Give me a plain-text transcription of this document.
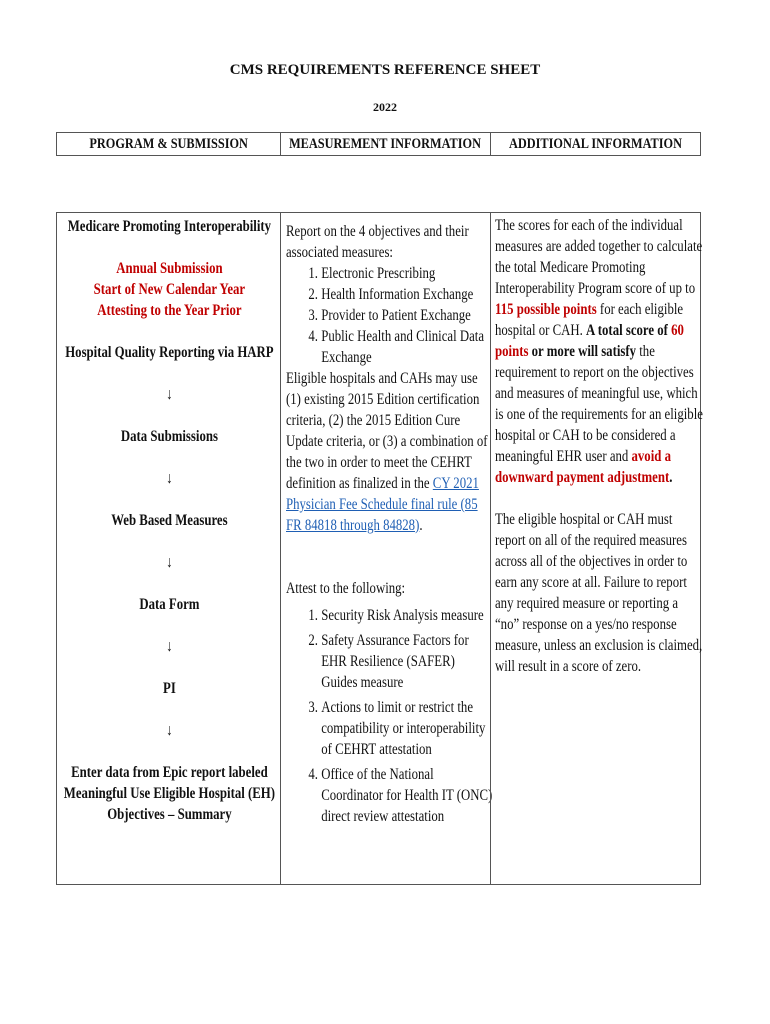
CMS REQUIREMENTS REFERENCE SHEET
2022
PROGRAM & SUBMISSION	MEASUREMENT INFORMATION ADDITIONAL INFORMATION
Medicare Promoting Interoperability
Annual Submission
Start of New Calendar Year
Attesting to the Year Prior
Hospital Quality Reporting via HARP
↓
Data Submissions
↓
Web Based Measures
↓
Data Form
↓
PI
↓
Enter data from Epic report labeled
Meaningful Use Eligible Hospital (EH)
Objectives – Summary

Report on the 4 objectives and their associated measures:

1. Electronic Prescribing
2. Health Information Exchange
3. Provider to Patient Exchange
4. Public Health and Clinical Data Exchange

Eligible hospitals and CAHs may use (1) existing 2015 Edition certification criteria, (2) the 2015 Edition Cure Update criteria, or (3) a combination of the two in order to meet the CEHRT definition as finalized in the CY 2021 Physician Fee Schedule final rule (85 FR 84818 through 84828).

Attest to the following:

1. Security Risk Analysis measure
2. Safety Assurance Factors for EHR Resilience (SAFER) Guides measure
3. Actions to limit or restrict the compatibility or interoperability of CEHRT attestation
4. Office of the National Coordinator for Health IT (ONC) direct review attestation

The scores for each of the individual measures are added together to calculate the total Medicare Promoting Interoperability Program score of up to 115 possible points for each eligible hospital or CAH. A total score of 60 points or more will satisfy the requirement to report on the objectives and measures of meaningful use, which is one of the requirements for an eligible hospital or CAH to be considered a meaningful EHR user and avoid a downward payment adjustment.

The eligible hospital or CAH must report on all of the required measures across all of the objectives in order to earn any score at all. Failure to report any required measure or reporting a “no” response on a yes/no response measure, unless an exclusion is claimed, will result in a score of zero.
